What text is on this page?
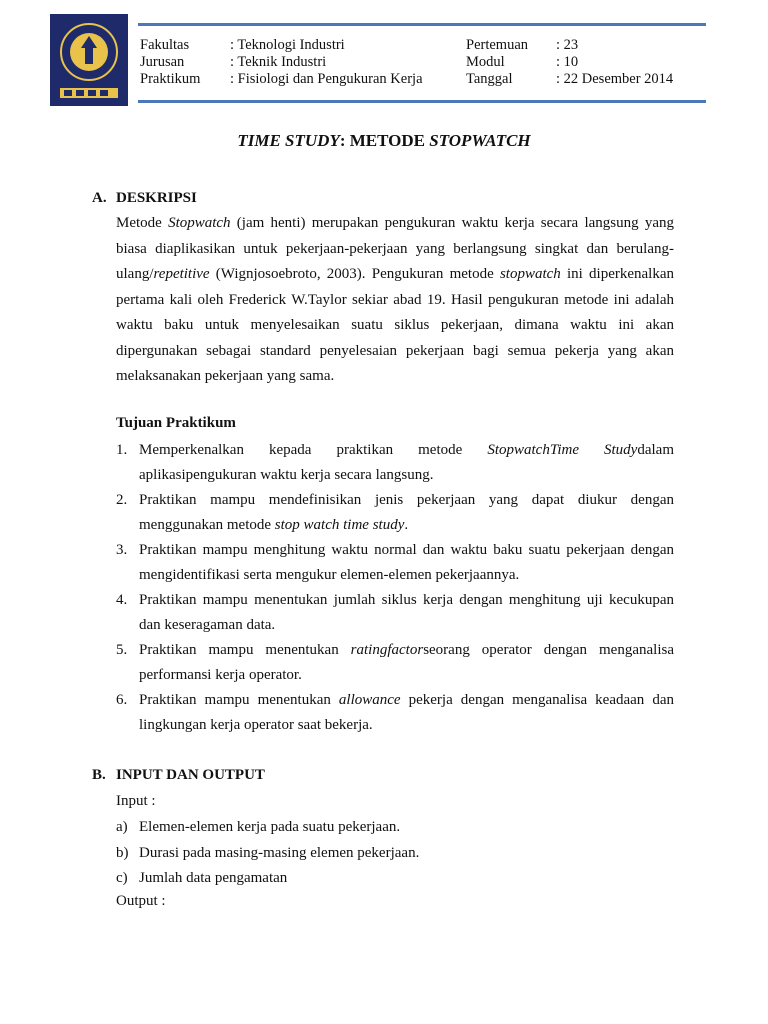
Fakultas	: Teknologi Industri	Pertemuan : 23
Jurusan	: Teknik Industri	Modul	: 10
Praktikum : Fisiologi dan Pengukuran Kerja	Tanggal	: 22 Desember 2014
TIME STUDY: METODE STOPWATCH
A. DESKRIPSI
Metode Stopwatch (jam henti) merupakan pengukuran waktu kerja secara langsung yang biasa diaplikasikan untuk pekerjaan-pekerjaan yang berlangsung singkat dan berulang-ulang/repetitive (Wignjosoebroto, 2003). Pengukuran metode stopwatch ini diperkenalkan pertama kali oleh Frederick W.Taylor sekiar abad 19. Hasil pengukuran metode ini adalah waktu baku untuk menyelesaikan suatu siklus pekerjaan, dimana waktu ini akan dipergunakan sebagai standard penyelesaian pekerjaan bagi semua pekerja yang akan melaksanakan pekerjaan yang sama.
Tujuan Praktikum
1. Memperkenalkan kepada praktikan metode StopwatchTime Studydalam aplikasipengukuran waktu kerja secara langsung.
2. Praktikan mampu mendefinisikan jenis pekerjaan yang dapat diukur dengan menggunakan metode stop watch time study.
3. Praktikan mampu menghitung waktu normal dan waktu baku suatu pekerjaan dengan mengidentifikasi serta mengukur elemen-elemen pekerjaannya.
4. Praktikan mampu menentukan jumlah siklus kerja dengan menghitung uji kecukupan dan keseragaman data.
5. Praktikan mampu menentukan ratingfactorseorang operator dengan menganalisa performansi kerja operator.
6. Praktikan mampu menentukan allowance pekerja dengan menganalisa keadaan dan lingkungan kerja operator saat bekerja.
B. INPUT DAN OUTPUT
Input :
a) Elemen-elemen kerja pada suatu pekerjaan.
b) Durasi pada masing-masing elemen pekerjaan.
c) Jumlah data pengamatan
Output :
